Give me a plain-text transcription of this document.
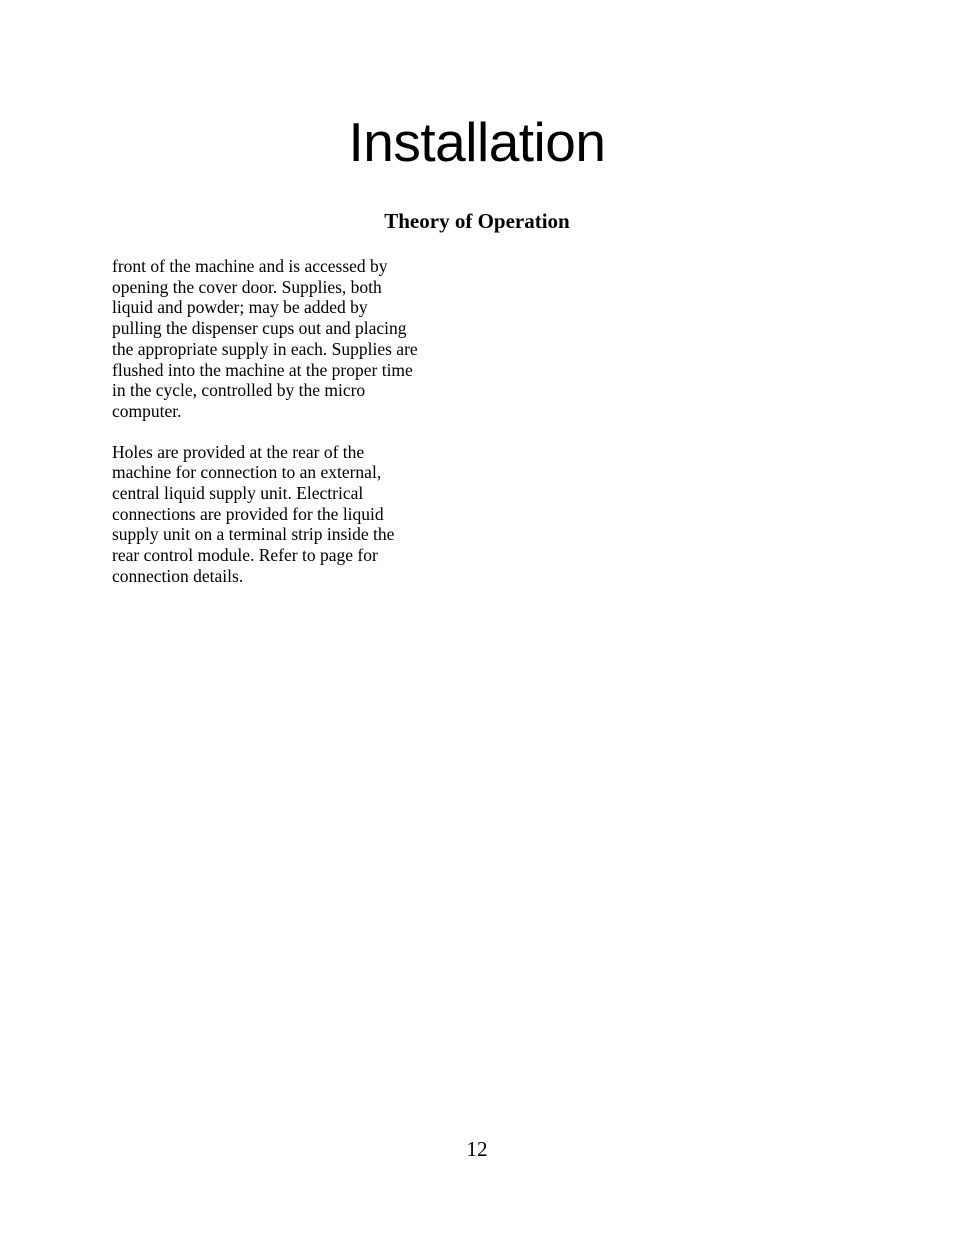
Installation
Theory of Operation

front of the machine and is accessed by
opening the cover door. Supplies, both
liquid and powder; may be added by
pulling the dispenser cups out and placing
the appropriate supply in each. Supplies are
flushed into the machine at the proper time
in the cycle, controlled by the micro
computer.

Holes are provided at the rear of the
machine for connection to an external,
central liquid supply unit. Electrical
connections are provided for the liquid
supply unit on a terminal strip inside the
rear control module. Refer to page for
connection details.

12
